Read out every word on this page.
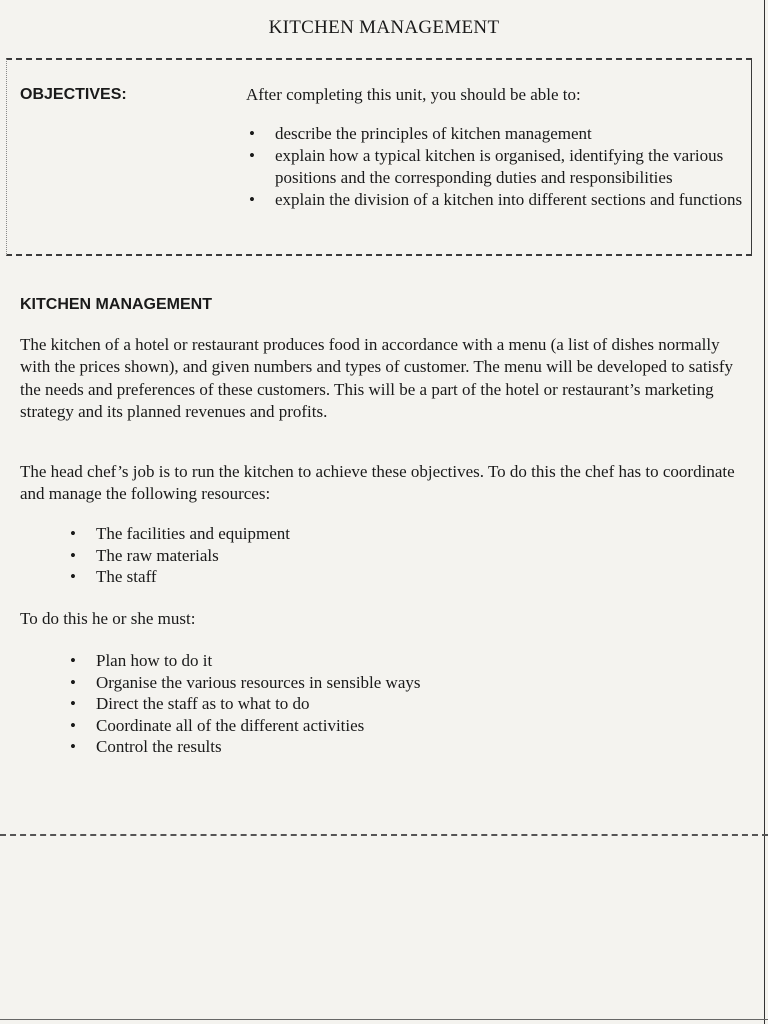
KITCHEN MANAGEMENT
OBJECTIVES:	After completing this unit, you should be able to:
• describe the principles of kitchen management
• explain how a typical kitchen is organised, identifying the various positions and the corresponding duties and responsibilities
• explain the division of a kitchen into different sections and functions
KITCHEN MANAGEMENT

The kitchen of a hotel or restaurant produces food in accordance with a menu (a list of dishes normally with the prices shown), and given numbers and types of customer. The menu will be developed to satisfy the needs and preferences of these customers. This will be a part of the hotel or restaurant’s marketing strategy and its planned revenues and profits.

The head chef’s job is to run the kitchen to achieve these objectives. To do this the chef has to coordinate and manage the following resources:

• The facilities and equipment
• The raw materials
• The staff

To do this he or she must:

• Plan how to do it
• Organise the various resources in sensible ways
• Direct the staff as to what to do
• Coordinate all of the different activities
• Control the results
